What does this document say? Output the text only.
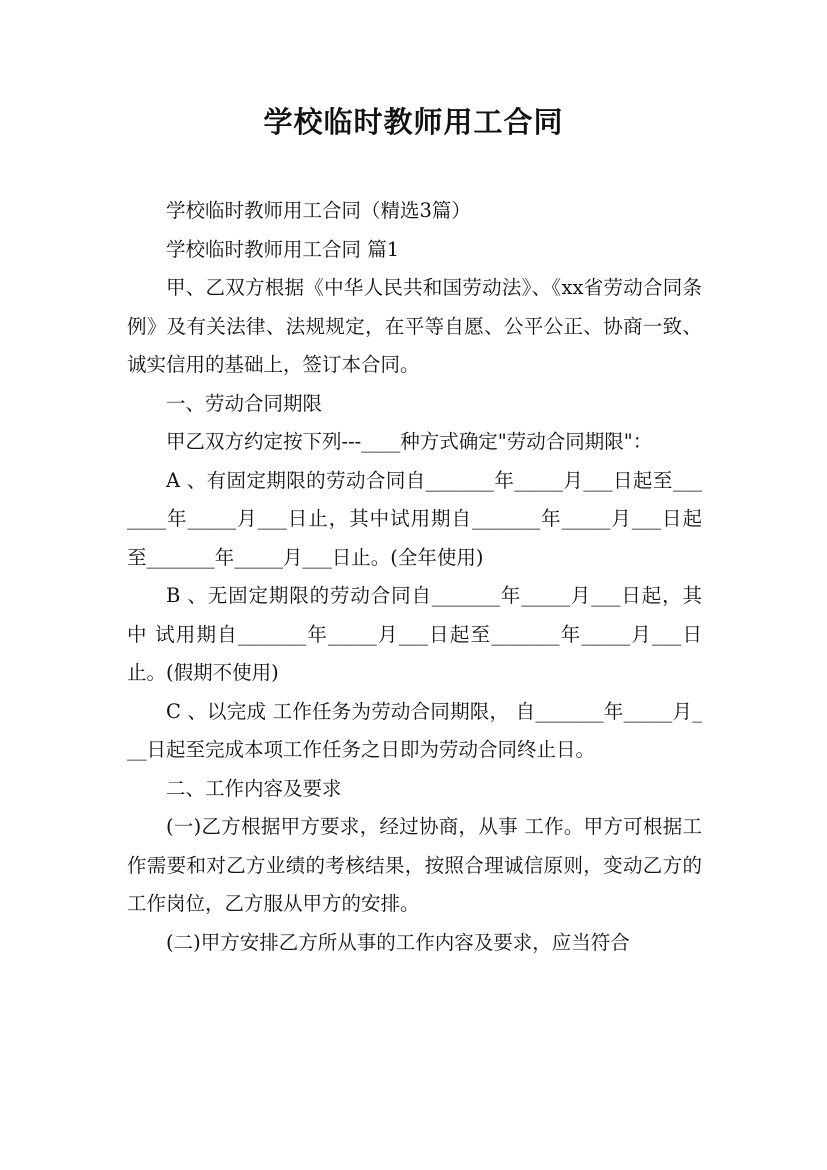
学校临时教师用工合同

学校临时教师用工合同（精选3篇）

学校临时教师用工合同 篇1

甲、乙双方根据《中华人民共和国劳动法》、《xx省劳动合同条例》及有关法律、法规规定，在平等自愿、公平公正、协商一致、诚实信用的基础上，签订本合同。

一、劳动合同期限

甲乙双方约定按下列---____种方式确定"劳动合同期限"：

A 、有固定期限的劳动合同自_______年_____月___日起至_______年_____月___日止，其中试用期自_______年_____月___日起至_______年_____月___日止。(全年使用)

B 、无固定期限的劳动合同自_______年_____月___日起，其中 试用期自_______年_____月___日起至_______年_____月___日止。(假期不使用)

C 、以完成 工作任务为劳动合同期限， 自_______年_____月___日起至完成本项工作任务之日即为劳动合同终止日。

二、工作内容及要求

(一)乙方根据甲方要求，经过协商，从事 工作。甲方可根据工作需要和对乙方业绩的考核结果，按照合理诚信原则，变动乙方的工作岗位，乙方服从甲方的安排。

(二)甲方安排乙方所从事的工作内容及要求，应当符合
